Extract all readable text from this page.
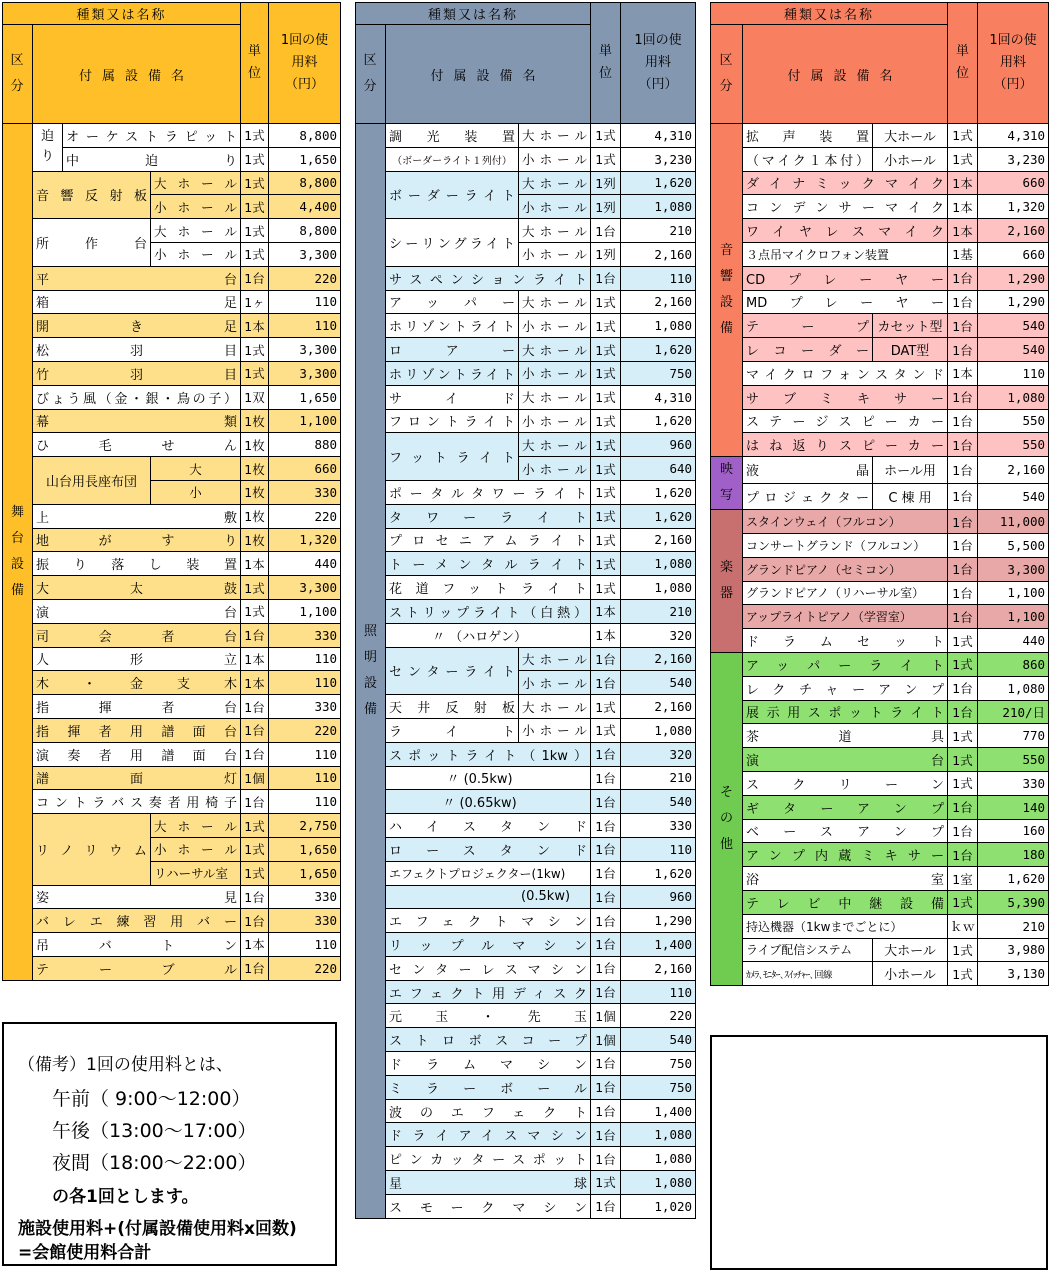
種類又は名称				単位	1回の使用料（円）
区分	付属設備名				
舞台設備	迫り	オーケストラピット		1式	8,800
		中迫り		1式	1,650
	音響反射板		大ホール	1式	8,800
			小ホール	1式	4,400
	所作台		大ホール	1式	8,800
			小ホール	1式	3,300
	平台			1台	220
	箱足			1ヶ	110
	開き足			1本	110
	松羽目			1式	3,300
	竹羽目			1式	3,300
	びょう風（金・銀・鳥の子）			1双	1,650
	幕類			1枚	1,100
	ひ毛せん			1枚	880
	山台用長座布団		大	1枚	660
			小	1枚	330
	上敷			1枚	220
	地がすり			1枚	1,320
	振り落し装置			1本	440
	大太鼓			1式	3,300
	演台			1式	1,100
	司会者台			1台	330
	人形立			1本	110
	木・金支木			1本	110
	指揮者台			1台	330
	指揮者用譜面台			1台	220
	演奏者用譜面台			1台	110
	譜面灯			1個	110
	コントラバス奏者用椅子			1台	110
	リノリウム		大ホール	1式	2,750
			小ホール	1式	1,650
			リハーサル室	1式	1,650
	姿見			1台	330
	バレエ練習用バー			1台	330
	吊バトン			1本	110
	テーブル			1台	220
種類又は名称			単位	1回の使用料（円）
区分	付属設備名			
照明設備	調光装置	大ホール	1式	4,310
	（ボーダーライト１列付）	小ホール	1式	3,230
	ボーダーライト	大ホール	1列	1,620
		小ホール	1列	1,080
	シーリングライト	大ホール	1台	210
		小ホール	1列	2,160
	サスペンションライト		1台	110
	アッパー	大ホール	1式	2,160
	ホリゾントライト	小ホール	1式	1,080
	ロアー	大ホール	1式	1,620
	ホリゾントライト	小ホール	1式	750
	サイド	大ホール	1式	4,310
	フロントライト	小ホール	1式	1,620
	フットライト	大ホール	1式	960
		小ホール	1式	640
	ポータルタワーライト		1式	1,620
	タワーライト		1式	1,620
	プロセニアムライト		1式	2,160
	トーメンタルライト		1式	1,080
	花道フットライト		1式	1,080
	ストリップライト（白熱）		1本	210
	〃 （ハロゲン）		1本	320
	センターライト	大ホール	1台	2,160
		小ホール	1台	540
	天井反射板	大ホール	1式	2,160
	ライト	小ホール	1式	1,080
	スポットライト（1kw）		1台	320
	〃 (0.5kw)		1台	210
	〃 (0.65kw)		1台	540
	ハイスタンド		1台	330
	ロースタンド		1台	110
	エフェクトプロジェクター(1kw)		1台	1,620
	(0.5kw)		1台	960
	エフェクトマシン		1台	1,290
	リップルマシン		1台	1,400
	センターレスマシン		1台	2,160
	エフェクト用ディスク		1台	110
	元玉・先玉		1個	220
	ストロボスコープ		1個	540
	ドラムマシン		1台	750
	ミラーボール		1台	750
	波のエフェクト		1台	1,400
	ドライアイスマシン		1台	1,080
	ピンカッタースポット		1台	1,080
	星球		1式	1,080
	スモークマシン		1台	1,020
種類又は名称			単位	1回の使用料（円）
区分	付属設備名			
音響設備	拡声装置	大ホール	1式	4,310
	（マイク１本付）	小ホール	1式	3,230
	ダイナミックマイク		1本	660
	コンデンサーマイク		1本	1,320
	ワイヤレスマイク		1本	2,160
	３点吊マイクロフォン装置		1基	660
	CDプレーヤー		1台	1,290
	MDプレーヤー		1台	1,290
	テープ	カセット型	1台	540
	レコーダー	DAT型	1台	540
	マイクロフォンスタンド		1本	110
	サブミキサー		1台	1,080
	ステージスピーカー		1台	550
	はね返りスピーカー		1台	550
映写	液晶	ホール用	1台	2,160
	プロジェクター	C 棟 用	1台	540
楽器	スタインウェイ（フルコン）		1台	11,000
	コンサートグランド（フルコン）		1台	5,500
	グランドピアノ（セミコン）		1台	3,300
	グランドピアノ（リハーサル室）		1台	1,100
	アップライトピアノ（学習室）		1台	1,100
	ドラムセット		1式	440
その他	アッパーライト		1式	860
	レクチャーアンプ		1台	1,080
	展示用スポットライト		1台	210/日
	茶道具		1式	770
	演台		1式	550
	スクリーン		1式	330
	ギターアンプ		1台	140
	ベースアンプ		1台	160
	アンプ内蔵ミキサー		1台	180
	浴室		1室	1,620
	テレビ中継設備		1式	5,390
	持込機器（1kwまでごとに）		ｋｗ	210
	ライブ配信システム	大ホール	1式	3,980
	ｶﾒﾗ､ﾓﾆﾀｰ､ｽｲｯﾁｬｰ､回線	小ホール	1式	3,130
（備考）1回の使用料とは、
午前（ 9:00〜12:00）
午後（13:00〜17:00）
夜間（18:00〜22:00）
の各1回とします。
施設使用料+(付属設備使用料x回数)
=会館使用料合計
